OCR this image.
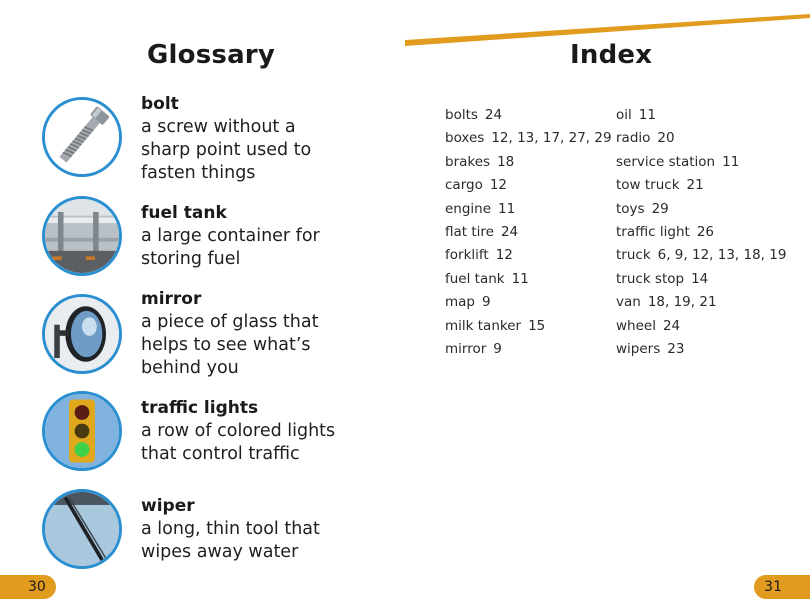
Glossary
bolt
a screw without a
sharp point used to
fasten things
fuel tank
a large container for
storing fuel
mirror
a piece of glass that
helps to see what’s
behind you
traffic lights
a row of colored lights
that control traffic
wiper
a long, thin tool that
wipes away water
30
Index
bolts 24
boxes 12, 13, 17, 27, 29
brakes 18
cargo 12
engine 11
flat tire 24
forklift 12
fuel tank 11
map 9
milk tanker 15
mirror 9
oil 11
radio 20
service station 11
tow truck 21
toys 29
traffic light 26
truck 6, 9, 12, 13, 18, 19
truck stop 14
van 18, 19, 21
wheel 24
wipers 23
31
